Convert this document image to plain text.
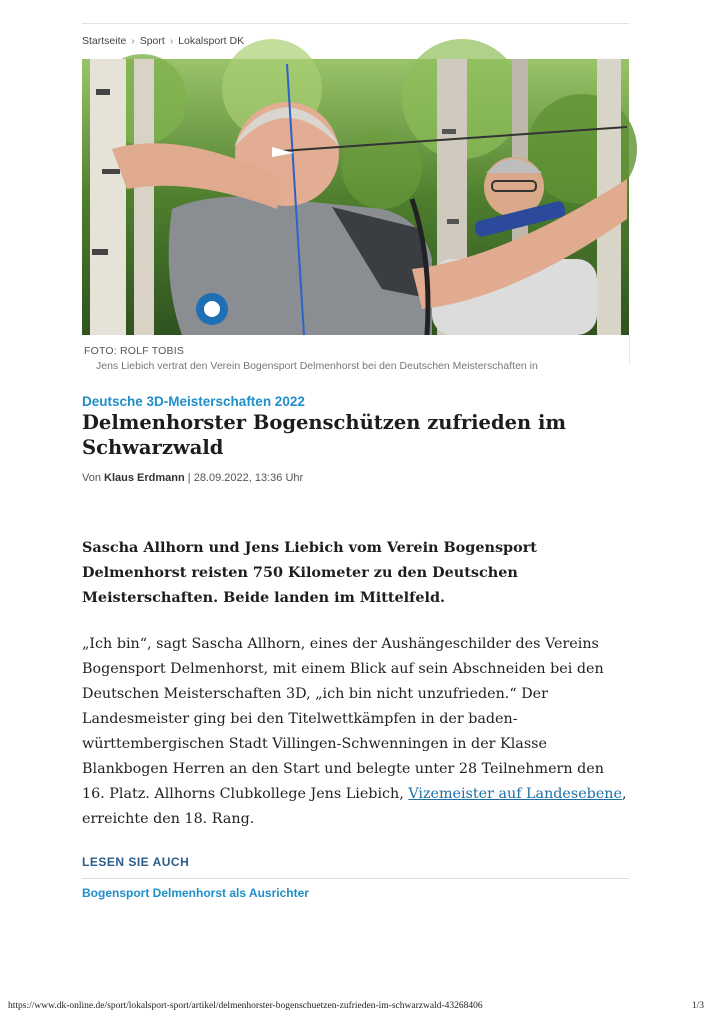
Startseite › Sport › Lokalsport DK
FOTO: ROLF TOBIS
Jens Liebich vertrat den Verein Bogensport Delmenhorst bei den Deutschen Meisterschaften in
Deutsche 3D-Meisterschaften 2022
Delmenhorster Bogenschützen zufrieden im Schwarzwald
Von Klaus Erdmann | 28.09.2022, 13:36 Uhr

Sascha Allhorn und Jens Liebich vom Verein Bogensport Delmenhorst reisten 750 Kilometer zu den Deutschen Meisterschaften. Beide landen im Mittelfeld.

„Ich bin“, sagt Sascha Allhorn, eines der Aushängeschilder des Vereins Bogensport Delmenhorst, mit einem Blick auf sein Abschneiden bei den Deutschen Meisterschaften 3D, „ich bin nicht unzufrieden.“ Der Landesmeister ging bei den Titelwettkämpfen in der baden-württembergischen Stadt Villingen-Schwenningen in der Klasse Blankbogen Herren an den Start und belegte unter 28 Teilnehmern den 16. Platz. Allhorns Clubkollege Jens Liebich, Vizemeister auf Landesebene, erreichte den 18. Rang.

LESEN SIE AUCH
Bogensport Delmenhorst als Ausrichter
https://www.dk-online.de/sport/lokalsport-sport/artikel/delmenhorster-bogenschuetzen-zufrieden-im-schwarzwald-43268406	1/3
